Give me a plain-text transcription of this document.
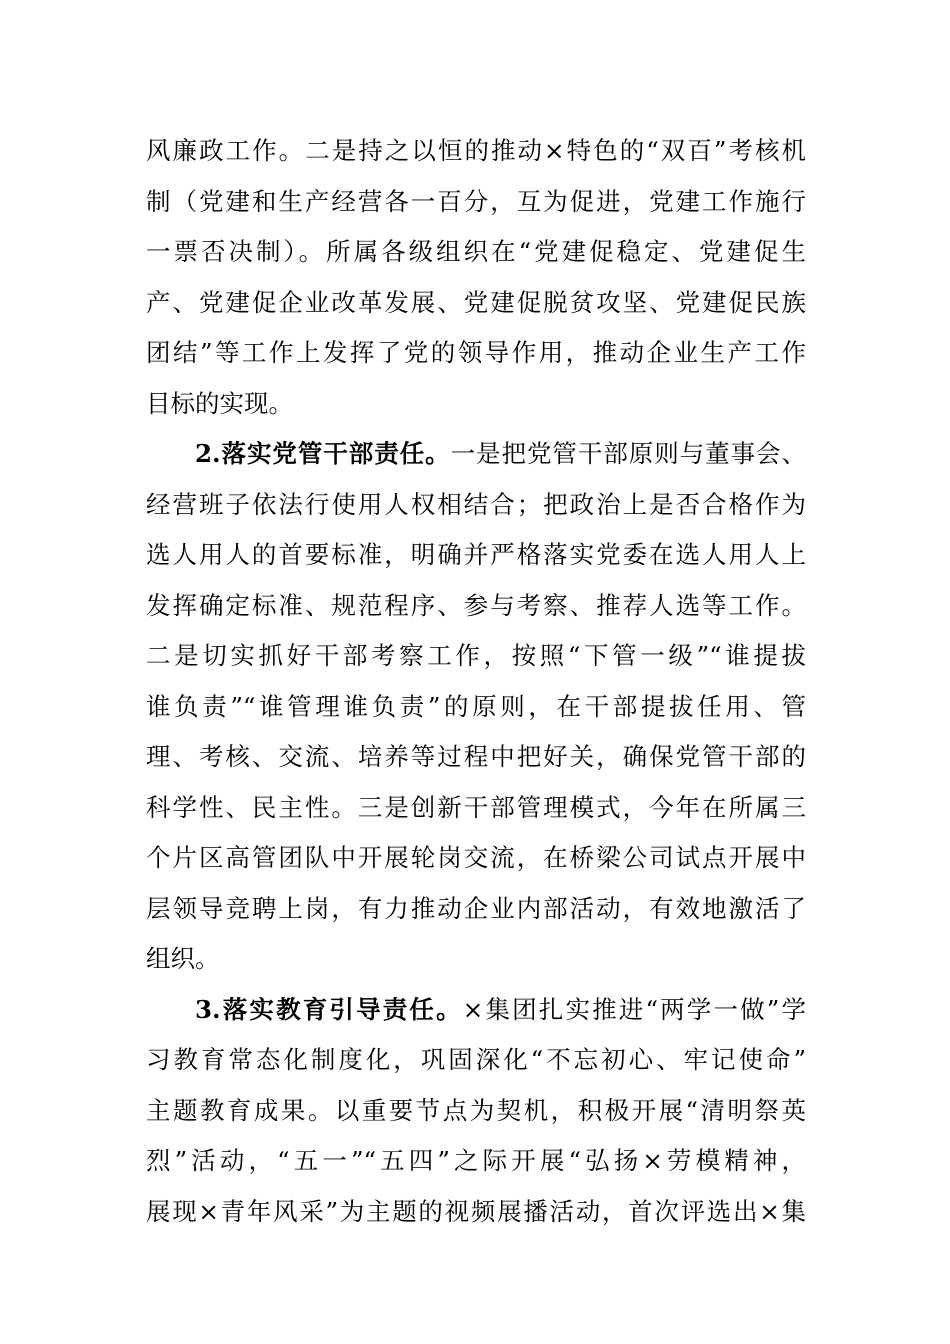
风廉政工作。二是持之以恒的推动×特色的“双百”考核机
制（党建和生产经营各一百分，互为促进，党建工作施行
一票否决制）。所属各级组织在“党建促稳定、党建促生
产、党建促企业改革发展、党建促脱贫攻坚、党建促民族
团结”等工作上发挥了党的领导作用，推动企业生产工作
目标的实现。
2.落实党管干部责任。一是把党管干部原则与董事会、
经营班子依法行使用人权相结合；把政治上是否合格作为
选人用人的首要标准，明确并严格落实党委在选人用人上
发挥确定标准、规范程序、参与考察、推荐人选等工作。
二是切实抓好干部考察工作，按照“下管一级”“谁提拔
谁负责”“谁管理谁负责”的原则，在干部提拔任用、管
理、考核、交流、培养等过程中把好关，确保党管干部的
科学性、民主性。三是创新干部管理模式，今年在所属三
个片区高管团队中开展轮岗交流，在桥梁公司试点开展中
层领导竞聘上岗，有力推动企业内部活动，有效地激活了
组织。
3.落实教育引导责任。×集团扎实推进“两学一做”学
习教育常态化制度化，巩固深化“不忘初心、牢记使命”
主题教育成果。以重要节点为契机，积极开展“清明祭英
烈”活动，“五一”“五四”之际开展“弘扬×劳模精神，
展现×青年风采”为主题的视频展播活动，首次评选出×集
